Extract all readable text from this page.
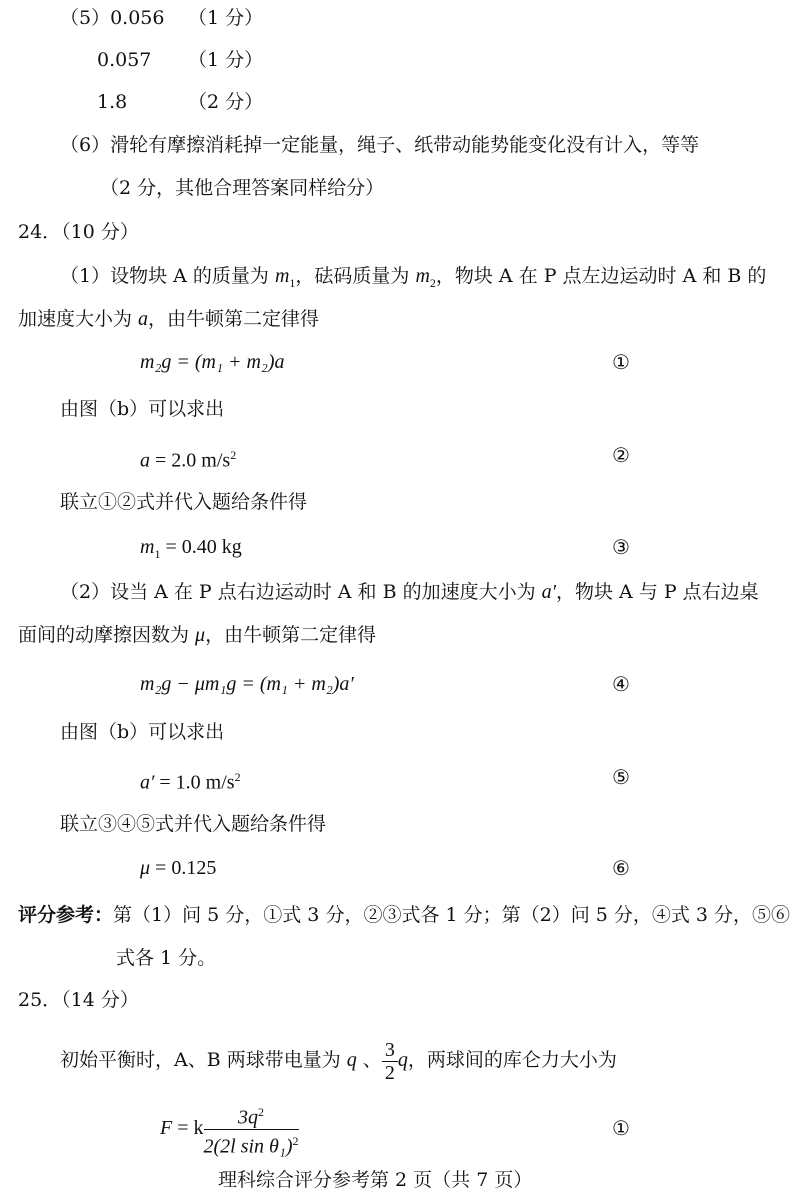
（5）0.056 （1 分）
0.057 （1 分）
1.8	（2 分）
（6）滑轮有摩擦消耗掉一定能量，绳子、纸带动能势能变化没有计入，等等
（2 分，其他合理答案同样给分）
24．（10 分）
（1）设物块 A 的质量为 $m_1$，砝码质量为 $m_2$，物块 A 在 P 点左边运动时 A 和 B 的
加速度大小为 a，由牛顿第二定律得
m₂g = (m₁ + m₂)a	①
由图（b）可以求出
a = 2.0 $m/s^2$	②
联立①②式并代入题给条件得
$m_1 = 0.40$ kg	③
（2）设当 A 在 P 点右边运动时 A 和 B 的加速度大小为 a′，物块 A 与 P 点右边桌
面间的动摩擦因数为 μ，由牛顿第二定律得
m₂g − μm₁g = (m₁ + m₂)a′	④
由图（b）可以求出
a′ = 1.0 $m/s^2$	⑤
联立③④⑤式并代入题给条件得
μ = 0.125	⑥
评分参考：第（1）问 5 分，①式 3 分，②③式各 1 分；第（2）问 5 分，④式 3 分，⑤⑥
式各 1 分。
25．（14 分）
初始平衡时，A、B 两球带电量为 q 、 $\frac{3}{2}$ q，两球间的库仑力大小为
F = k $\frac{3q^2}{2(2l \sin \theta_1)^2}$	①
理科综合评分参考第 2 页（共 7 页）
